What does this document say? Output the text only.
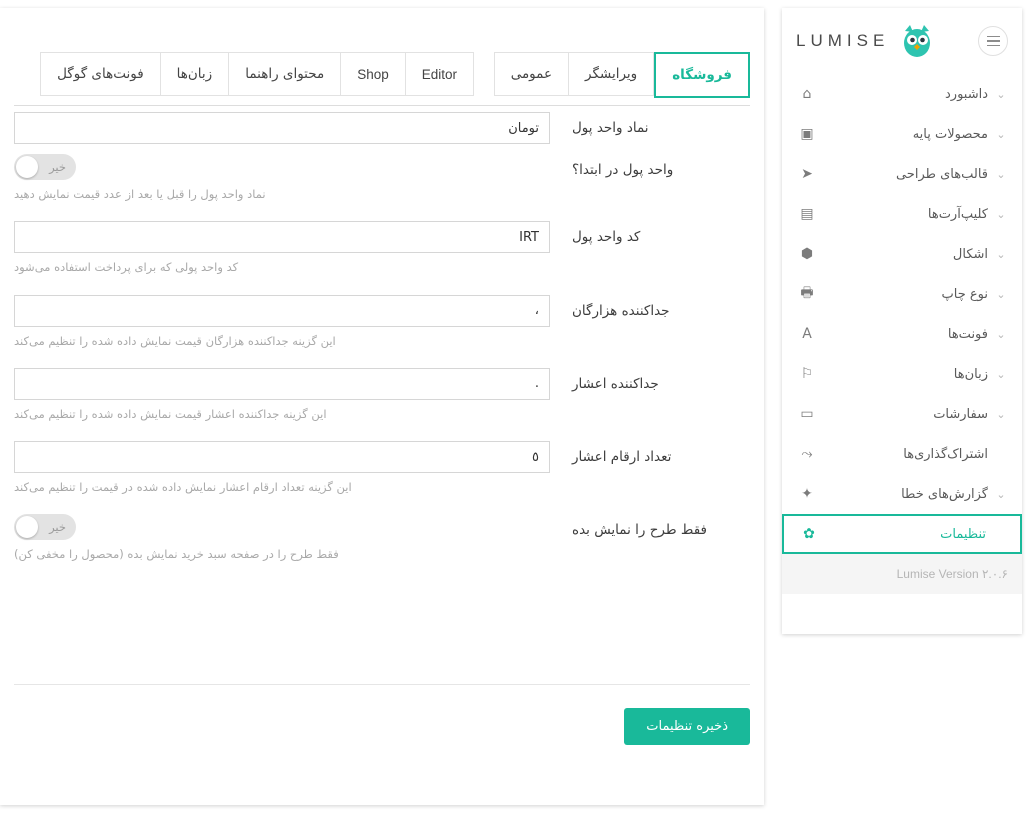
فروشگاه
ویرایشگر
عمومی
Editor
Shop
محتوای راهنما
زبان‌ها
فونت‌های گوگل
نماد واحد پول
تومان
واحد پول در ابتدا؟
خیر
نماد واحد پول را قبل یا بعد از عدد قیمت نمایش دهید
کد واحد پول
IRT
کد واحد پولی که برای پرداخت استفاده می‌شود
جداکننده هزارگان
،
این گزینه جداکننده هزارگان قیمت نمایش داده شده را تنظیم می‌کند
جداکننده اعشار
.
این گزینه جداکننده اعشار قیمت نمایش داده شده را تنظیم می‌کند
تعداد ارقام اعشار
٥
این گزینه تعداد ارقام اعشار نمایش داده شده در قیمت را تنظیم می‌کند
فقط طرح را نمایش بده
خیر
فقط طرح را در صفحه سبد خرید نمایش بده (محصول را مخفی کن)
ذخیره تنظیمات
LUMISE
⌄
داشبورد
⌂
⌄
محصولات پایه
▣
⌄
قالب‌های طراحی
➤
⌄
کلیپ‌آرت‌ها
▤
⌄
اشکال
⬢
⌄
نوع چاپ
🖶
⌄
فونت‌ها
A
⌄
زبان‌ها
⚐
⌄
سفارشات
▭
اشتراک‌گذاری‌ها
⤳
⌄
گزارش‌های خطا
✦
تنظیمات
✿
Lumise Version ۲.۰.۶
